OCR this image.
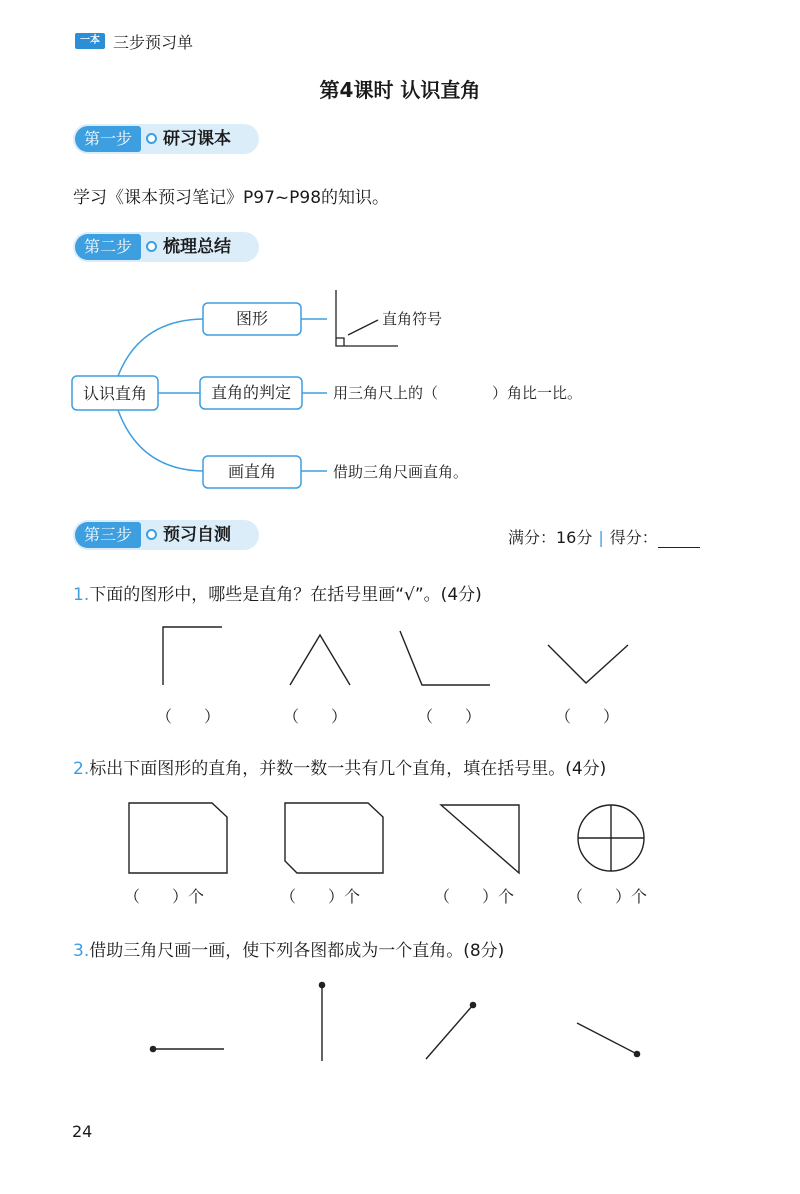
一本 三步预习单
第4课时 认识直角
第一步	研习课本
学习《课本预习笔记》P97~P98的知识。
第二步	梳理总结
认识直角
图形
直角的判定
画直角
直角符号
用三角尺上的（	）角比一比。
借助三角尺画直角。
第三步	预习自测	满分：16分 | 得分：
1.下面的图形中，哪些是直角？在括号里画“√”。(4分)
（　　）	（　　）	（　　）	（　　）
2.标出下面图形的直角，并数一数一共有几个直角，填在括号里。(4分)
（　　）个	（　　）个	（　　）个	（　　）个
3.借助三角尺画一画，使下列各图都成为一个直角。(8分)
24
